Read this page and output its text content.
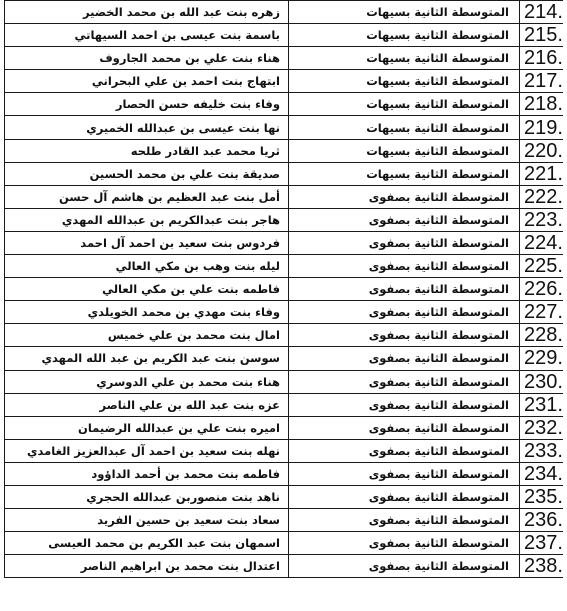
زهره بنت عبد الله بن محمد الخضير	المتوسطة الثانية بسيهات	214.
باسمة بنت عيسى بن احمد السيهاتي	المتوسطة الثانية بسيهات	215.
هناء بنت علي بن محمد الجاروف	المتوسطة الثانية بسيهات	216.
ابتهاج بنت احمد بن علي البحراني	المتوسطة الثانية بسيهات	217.
وفاء بنت خليفه حسن الحصار	المتوسطة الثانية بسيهات	218.
نها بنت عيسى بن عبدالله الخميري	المتوسطة الثانية بسيهات	219.
ثريا محمد عبد القادر طلحه	المتوسطة الثانية بسيهات	220.
صديقة بنت علي بن محمد الحسين	المتوسطة الثانية بسيهات	221.
أمل بنت عبد العظيم بن هاشم آل حسن	المتوسطة الثانية بصفوى	222.
هاجر بنت عبدالكريم بن عبدالله المهدي	المتوسطة الثانية بصفوى	223.
فردوس بنت سعيد بن احمد آل احمد	المتوسطة الثانية بصفوى	224.
ليله بنت وهب بن مكي العالي	المتوسطة الثانية بصفوى	225.
فاطمه بنت علي بن مكي العالي	المتوسطة الثانية بصفوى	226.
وفاء بنت مهدي بن محمد الخويلدي	المتوسطة الثانية بصفوى	227.
امال بنت محمد بن علي خميس	المتوسطة الثانية بصفوى	228.
سوسن بنت عبد الكريم بن عبد الله المهدي	المتوسطة الثانية بصفوى	229.
هناء بنت محمد بن علي الدوسري	المتوسطة الثانية بصفوى	230.
عزه بنت عبد الله بن علي الناصر	المتوسطة الثانية بصفوى	231.
اميره بنت علي بن عبدالله الرضيمان	المتوسطة الثانية بصفوى	232.
نهله بنت سعيد بن احمد آل عبدالعزيز الغامدي	المتوسطة الثانية بصفوى	233.
فاطمه بنت محمد بن أحمد الداؤود	المتوسطة الثانية بصفوى	234.
ناهد بنت منصوربن عبدالله الحجري	المتوسطة الثانية بصفوى	235.
سعاد بنت سعيد بن حسين الفريد	المتوسطة الثانية بصفوى	236.
اسمهان بنت عبد الكريم بن محمد العيسى	المتوسطة الثانية بصفوى	237.
اعتدال بنت محمد بن ابراهيم الناصر	المتوسطة الثانية بصفوى	238.
